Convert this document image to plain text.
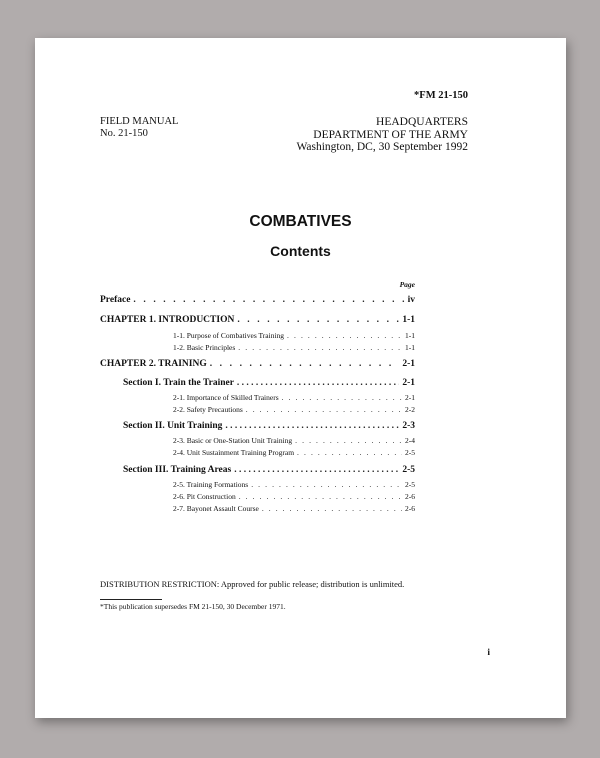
*FM 21-150
FIELD MANUAL
No. 21-150
HEADQUARTERS
DEPARTMENT OF THE ARMY
Washington, DC, 30 September 1992
COMBATIVES
Contents
Page
Preface . . .	iv
CHAPTER 1. INTRODUCTION . . .	1-1
1-1. Purpose of Combatives Training . . .	1-1
1-2. Basic Principles . . .	1-1
CHAPTER 2. TRAINING . . .	2-1
Section I. Train the Trainer . . .	2-1
2-1. Importance of Skilled Trainers . . .	2-1
2-2. Safety Precautions . . .	2-2
Section II. Unit Training . . .	2-3
2-3. Basic or One-Station Unit Training . . .	2-4
2-4. Unit Sustainment Training Program . . .	2-5
Section III. Training Areas . . .	2-5
2-5. Training Formations . . .	2-5
2-6. Pit Construction . . .	2-6
2-7. Bayonet Assault Course . . .	2-6
DISTRIBUTION RESTRICTION: Approved for public release; distribution is unlimited.
*This publication supersedes FM 21-150, 30 December 1971.
i
